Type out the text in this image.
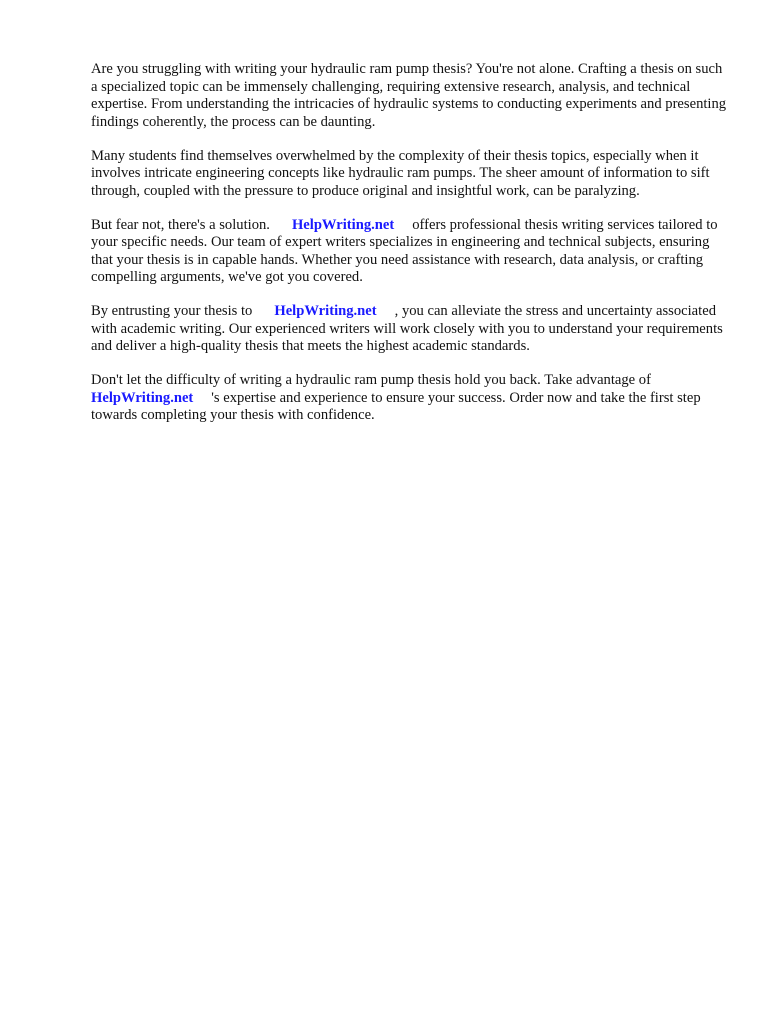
Are you struggling with writing your hydraulic ram pump thesis? You're not alone. Crafting a thesis on such a specialized topic can be immensely challenging, requiring extensive research, analysis, and technical expertise. From understanding the intricacies of hydraulic systems to conducting experiments and presenting findings coherently, the process can be daunting.

Many students find themselves overwhelmed by the complexity of their thesis topics, especially when it involves intricate engineering concepts like hydraulic ram pumps. The sheer amount of information to sift through, coupled with the pressure to produce original and insightful work, can be paralyzing.

But fear not, there's a solution. HelpWriting.net offers professional thesis writing services tailored to your specific needs. Our team of expert writers specializes in engineering and technical subjects, ensuring that your thesis is in capable hands. Whether you need assistance with research, data analysis, or crafting compelling arguments, we've got you covered.

By entrusting your thesis to HelpWriting.net , you can alleviate the stress and uncertainty associated with academic writing. Our experienced writers will work closely with you to understand your requirements and deliver a high-quality thesis that meets the highest academic standards.

Don't let the difficulty of writing a hydraulic ram pump thesis hold you back. Take advantage of HelpWriting.net 's expertise and experience to ensure your success. Order now and take the first step towards completing your thesis with confidence.
